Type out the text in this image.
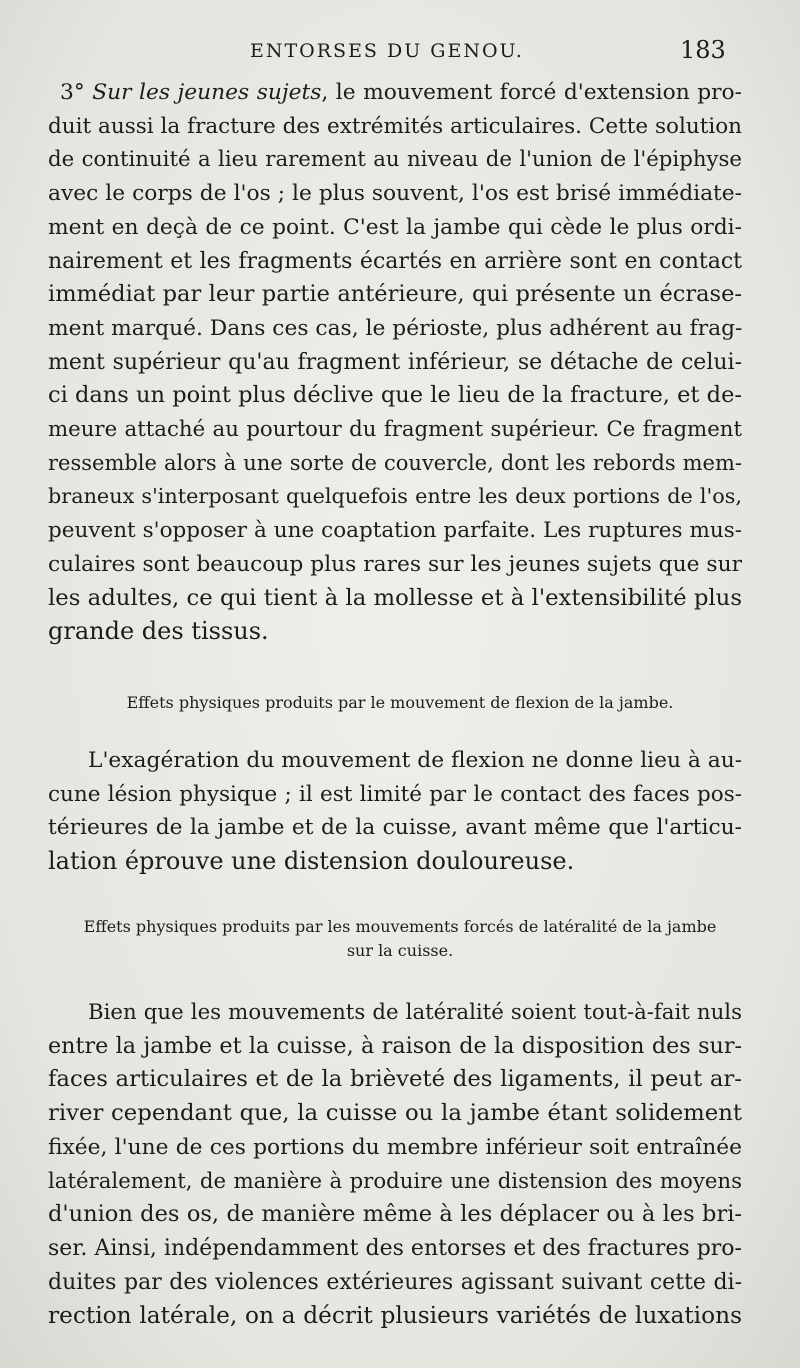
ENTORSES DU GENOU.	183
3° Sur les jeunes sujets, le mouvement forcé d'extension pro-
duit aussi la fracture des extrémités articulaires. Cette solution
de continuité a lieu rarement au niveau de l'union de l'épiphyse
avec le corps de l'os ; le plus souvent, l'os est brisé immédiate-
ment en deçà de ce point. C'est la jambe qui cède le plus ordi-
nairement et les fragments écartés en arrière sont en contact
immédiat par leur partie antérieure, qui présente un écrase-
ment marqué. Dans ces cas, le périoste, plus adhérent au frag-
ment supérieur qu'au fragment inférieur, se détache de celui-
ci dans un point plus déclive que le lieu de la fracture, et de-
meure attaché au pourtour du fragment supérieur. Ce fragment
ressemble alors à une sorte de couvercle, dont les rebords mem-
braneux s'interposant quelquefois entre les deux portions de l'os,
peuvent s'opposer à une coaptation parfaite. Les ruptures mus-
culaires sont beaucoup plus rares sur les jeunes sujets que sur
les adultes, ce qui tient à la mollesse et à l'extensibilité plus
grande des tissus.
Effets physiques produits par le mouvement de flexion de la jambe.
L'exagération du mouvement de flexion ne donne lieu à au-
cune lésion physique ; il est limité par le contact des faces pos-
térieures de la jambe et de la cuisse, avant même que l'articu-
lation éprouve une distension douloureuse.
Effets physiques produits par les mouvements forcés de latéralité de la jambe
sur la cuisse.
Bien que les mouvements de latéralité soient tout-à-fait nuls
entre la jambe et la cuisse, à raison de la disposition des sur-
faces articulaires et de la brièveté des ligaments, il peut ar-
river cependant que, la cuisse ou la jambe étant solidement
fixée, l'une de ces portions du membre inférieur soit entraînée
latéralement, de manière à produire une distension des moyens
d'union des os, de manière même à les déplacer ou à les bri-
ser. Ainsi, indépendamment des entorses et des fractures pro-
duites par des violences extérieures agissant suivant cette di-
rection latérale, on a décrit plusieurs variétés de luxations
